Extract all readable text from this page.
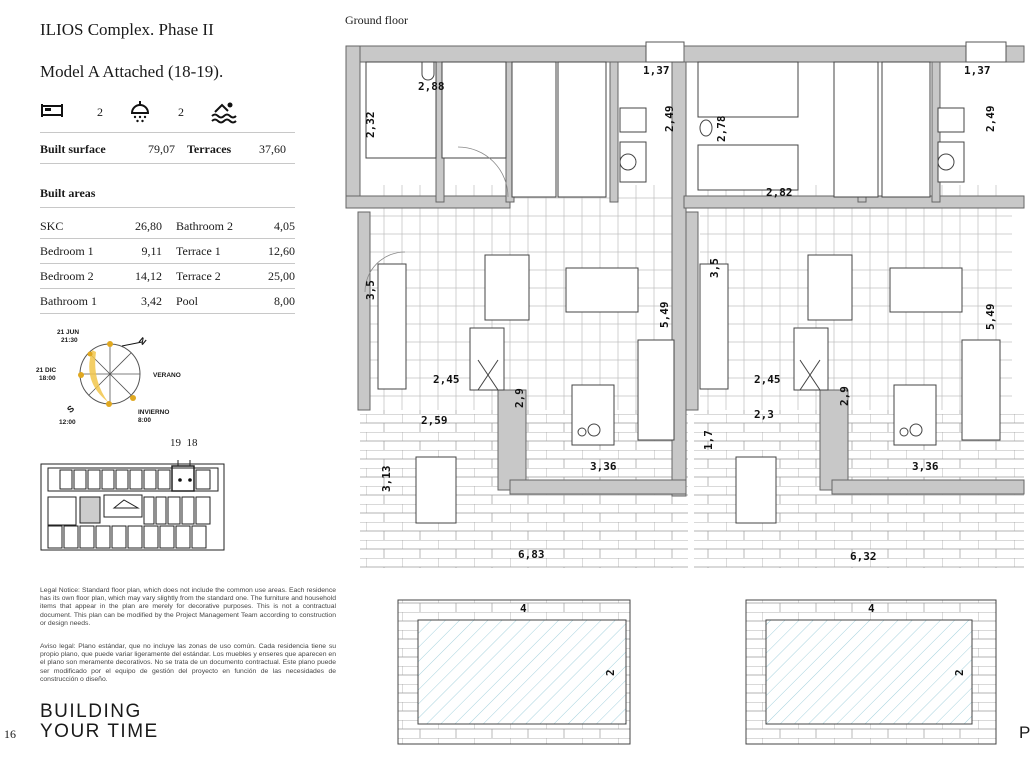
ILIOS Complex. Phase II
Model A Attached (18-19).
2	2
Built surface	79,07 Terraces 37,60
Built areas
SKC	26,80	Bathroom 2	4,05
Bedroom 1	9,11	Terrace 1	12,60
Bedroom 2	14,12	Terrace 2	25,00
Bathroom 1	3,42	Pool	8,00
21 JUN
21:30
21 DIC
18:00
N
VERANO
S
12:00
INVIERNO
8:00
19  18
Legal Notice: Standard floor plan, which does not include the common use areas. Each residence has its own floor plan, which may vary slightly from the standard one. The furniture and household items that appear in the plan are merely for decorative purposes. This is not a contractual document. This plan can be modified by the Project Management Team according to construction or design needs.
Aviso legal: Plano estándar, que no incluye las zonas de uso común. Cada residencia tiene su propio plano, que puede variar ligeramente del estándar. Los muebles y enseres que aparecen en el plano son meramente decorativos. No se trata de un documento contractual. Este plano puede ser modificado por el equipo de gestión del proyecto en función de las necesidades de construcción o diseño.
BUILDING
YOUR TIME
16
Ground floor
1,37
2,88
2,32	2,49
3,5
5,49
2,45
2,9
2,59
3,36
3,13
6,83
1,37
2,78
2,82
2,49
3,5
5,49
2,45
2,9
2,3
1,7
3,36
6,32
4
2
4
2
P
